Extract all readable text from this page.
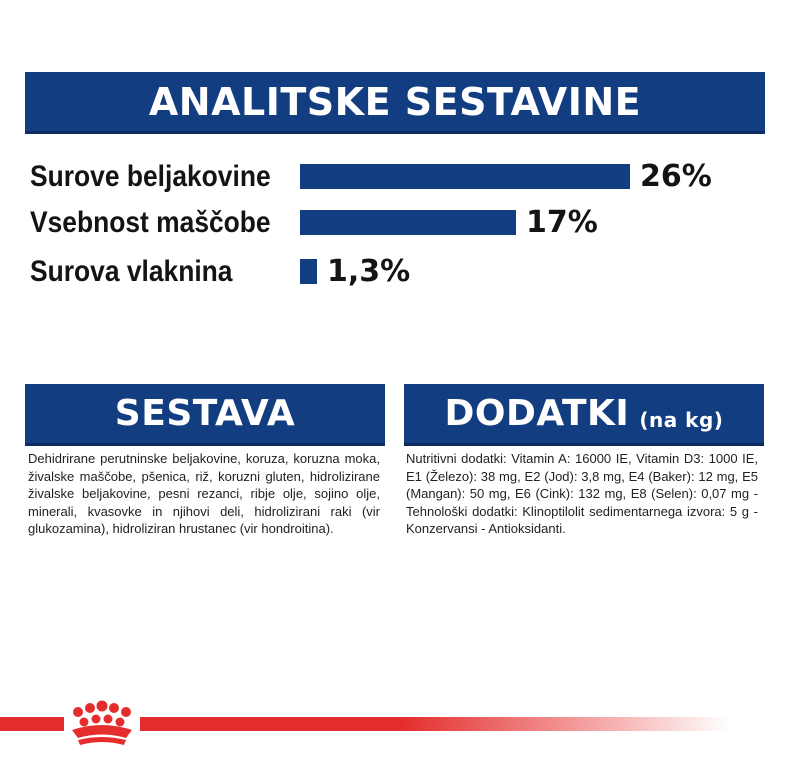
ANALITSKE SESTAVINE
Surove beljakovine	26%
Vsebnost maščobe	17%
Surova vlaknina	1,3%
SESTAVA

Dehidrirane perutninske beljakovine, koruza, koruzna moka, živalske maščobe, pšenica, riž, koruzni gluten, hidrolizirane živalske beljakovine, pesni rezanci, ribje olje, sojino olje, minerali, kvasovke in njihovi deli, hidrolizirani raki (vir glukozamina), hidroliziran hrustanec (vir hondroitina).

DODATKI (na kg)

Nutritivni dodatki: Vitamin A: 16000 IE, Vitamin D3: 1000 IE, E1 (Železo): 38 mg, E2 (Jod): 3,8 mg, E4 (Baker): 12 mg, E5 (Mangan): 50 mg, E6 (Cink): 132 mg, E8 (Selen): 0,07 mg - Tehnološki dodatki: Klinoptilolit sedimentarnega izvora: 5 g - Konzervansi - Antioksidanti.
